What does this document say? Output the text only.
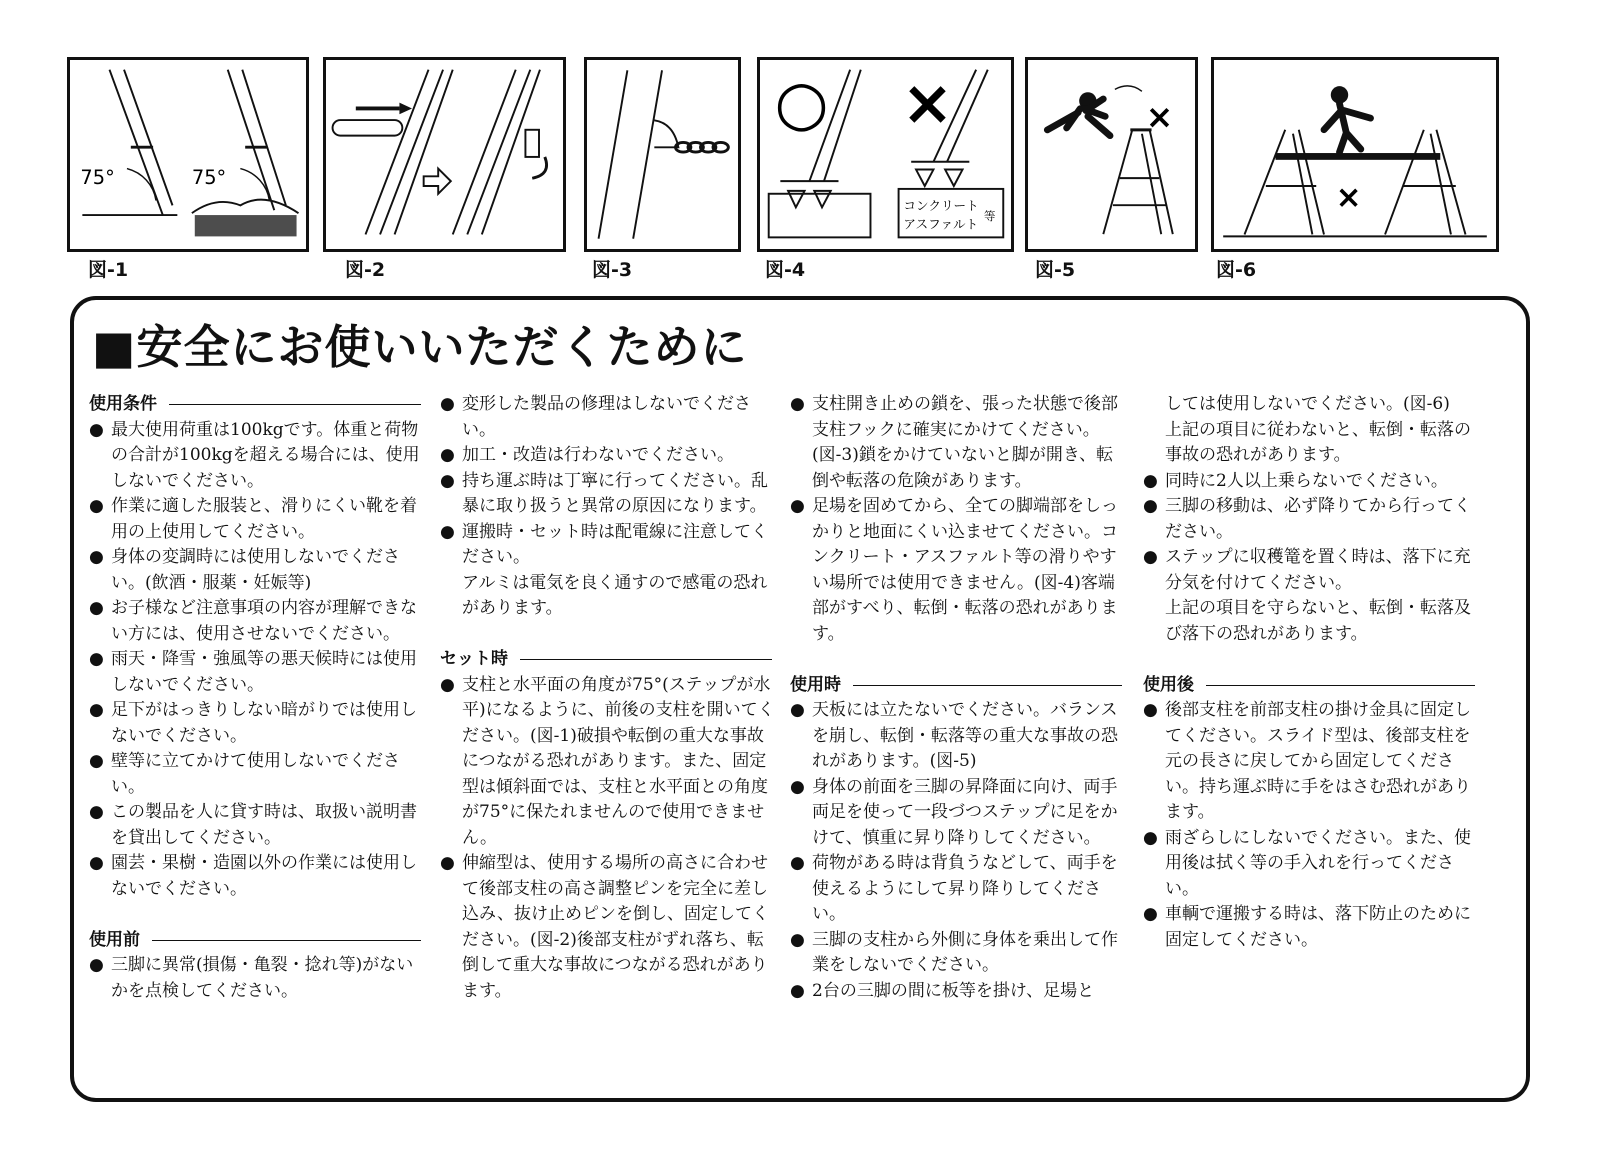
75°	75°
図-1	図-2	図-3
○ ×
コンクリート
アスファルト
等
図-4
×
図-5
×
図-6
■安全にお使いいただくために
使用条件
● 最大使用荷重は100kgです。体重と荷物の合計が100kgを超える場合には、使用しないでください。
● 作業に適した服装と、滑りにくい靴を着用の上使用してください。
● 身体の変調時には使用しないでください。(飲酒・服薬・妊娠等)
● お子様など注意事項の内容が理解できない方には、使用させないでください。
● 雨天・降雪・強風等の悪天候時には使用しないでください。
● 足下がはっきりしない暗がりでは使用しないでください。
● 壁等に立てかけて使用しないでください。
● この製品を人に貸す時は、取扱い説明書を貸出してください。
● 園芸・果樹・造園以外の作業には使用しないでください。
使用前
● 三脚に異常(損傷・亀裂・捻れ等)がないかを点検してください。
● 変形した製品の修理はしないでください。
● 加工・改造は行わないでください。
● 持ち運ぶ時は丁寧に行ってください。乱暴に取り扱うと異常の原因になります。
● 運搬時・セット時は配電線に注意してください。
アルミは電気を良く通すので感電の恐れがあります。
セット時
● 支柱と水平面の角度が75°(ステップが水平)になるように、前後の支柱を開いてください。(図-1)破損や転倒の重大な事故につながる恐れがあります。また、固定型は傾斜面では、支柱と水平面との角度が75°に保たれませんので使用できません。
● 伸縮型は、使用する場所の高さに合わせて後部支柱の高さ調整ピンを完全に差し込み、抜け止めピンを倒し、固定してください。(図-2)後部支柱がずれ落ち、転倒して重大な事故につながる恐れがあります。
● 支柱開き止めの鎖を、張った状態で後部支柱フックに確実にかけてください。(図-3)鎖をかけていないと脚が開き、転倒や転落の危険があります。
● 足場を固めてから、全ての脚端部をしっかりと地面にくい込ませてください。コンクリート・アスファルト等の滑りやすい場所では使用できません。(図-4)客端部がすべり、転倒・転落の恐れがあります。
使用時
● 天板には立たないでください。バランスを崩し、転倒・転落等の重大な事故の恐れがあります。(図-5)
● 身体の前面を三脚の昇降面に向け、両手両足を使って一段づつステップに足をかけて、慎重に昇り降りしてください。
● 荷物がある時は背負うなどして、両手を使えるようにして昇り降りしてください。
● 三脚の支柱から外側に身体を乗出して作業をしないでください。
● 2台の三脚の間に板等を掛け、足場と
しては使用しないでください。(図-6)
上記の項目に従わないと、転倒・転落の事故の恐れがあります。
● 同時に2人以上乗らないでください。
● 三脚の移動は、必ず降りてから行ってください。
● ステップに収穫篭を置く時は、落下に充分気を付けてください。
上記の項目を守らないと、転倒・転落及び落下の恐れがあります。
使用後
● 後部支柱を前部支柱の掛け金具に固定してください。スライド型は、後部支柱を元の長さに戻してから固定してください。持ち運ぶ時に手をはさむ恐れがあります。
● 雨ざらしにしないでください。また、使用後は拭く等の手入れを行ってください。
● 車輌で運搬する時は、落下防止のために固定してください。
